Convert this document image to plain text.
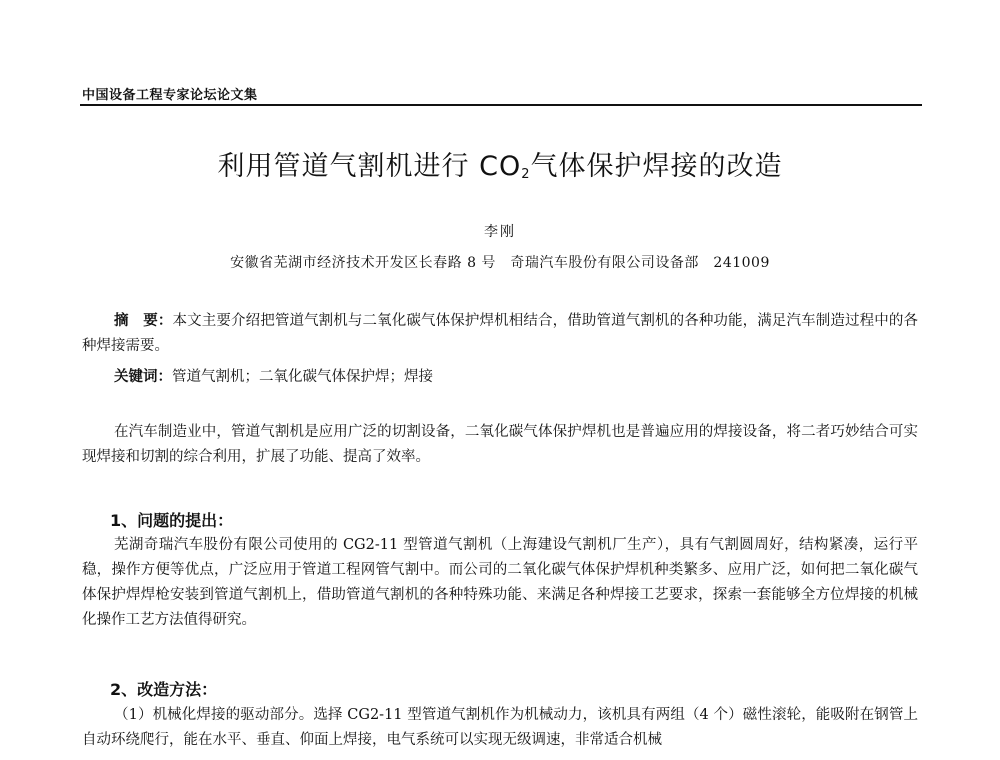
中国设备工程专家论坛论文集
利用管道气割机进行 $CO_2$气体保护焊接的改造
李刚
安徽省芜湖市经济技术开发区长春路 8 号　奇瑞汽车股份有限公司设备部　241009
摘　要：本文主要介绍把管道气割机与二氧化碳气体保护焊机相结合，借助管道气割机的各种功能，满足汽车制造过程中的各种焊接需要。
关键词：管道气割机；二氧化碳气体保护焊；焊接

在汽车制造业中，管道气割机是应用广泛的切割设备，二氧化碳气体保护焊机也是普遍应用的焊接设备，将二者巧妙结合可实现焊接和切割的综合利用，扩展了功能、提高了效率。

1、问题的提出：

芜湖奇瑞汽车股份有限公司使用的 CG2-11 型管道气割机（上海建设气割机厂生产），具有气割圆周好，结构紧凑，运行平稳，操作方便等优点，广泛应用于管道工程网管气割中。而公司的二氧化碳气体保护焊机种类繁多、应用广泛，如何把二氧化碳气体保护焊焊枪安装到管道气割机上，借助管道气割机的各种特殊功能、来满足各种焊接工艺要求，探索一套能够全方位焊接的机械化操作工艺方法值得研究。

2、改造方法：

（1）机械化焊接的驱动部分。选择 CG2-11 型管道气割机作为机械动力，该机具有两组（4 个）磁性滚轮，能吸附在钢管上自动环绕爬行，能在水平、垂直、仰面上焊接，电气系统可以实现无级调速，非常适合机械
